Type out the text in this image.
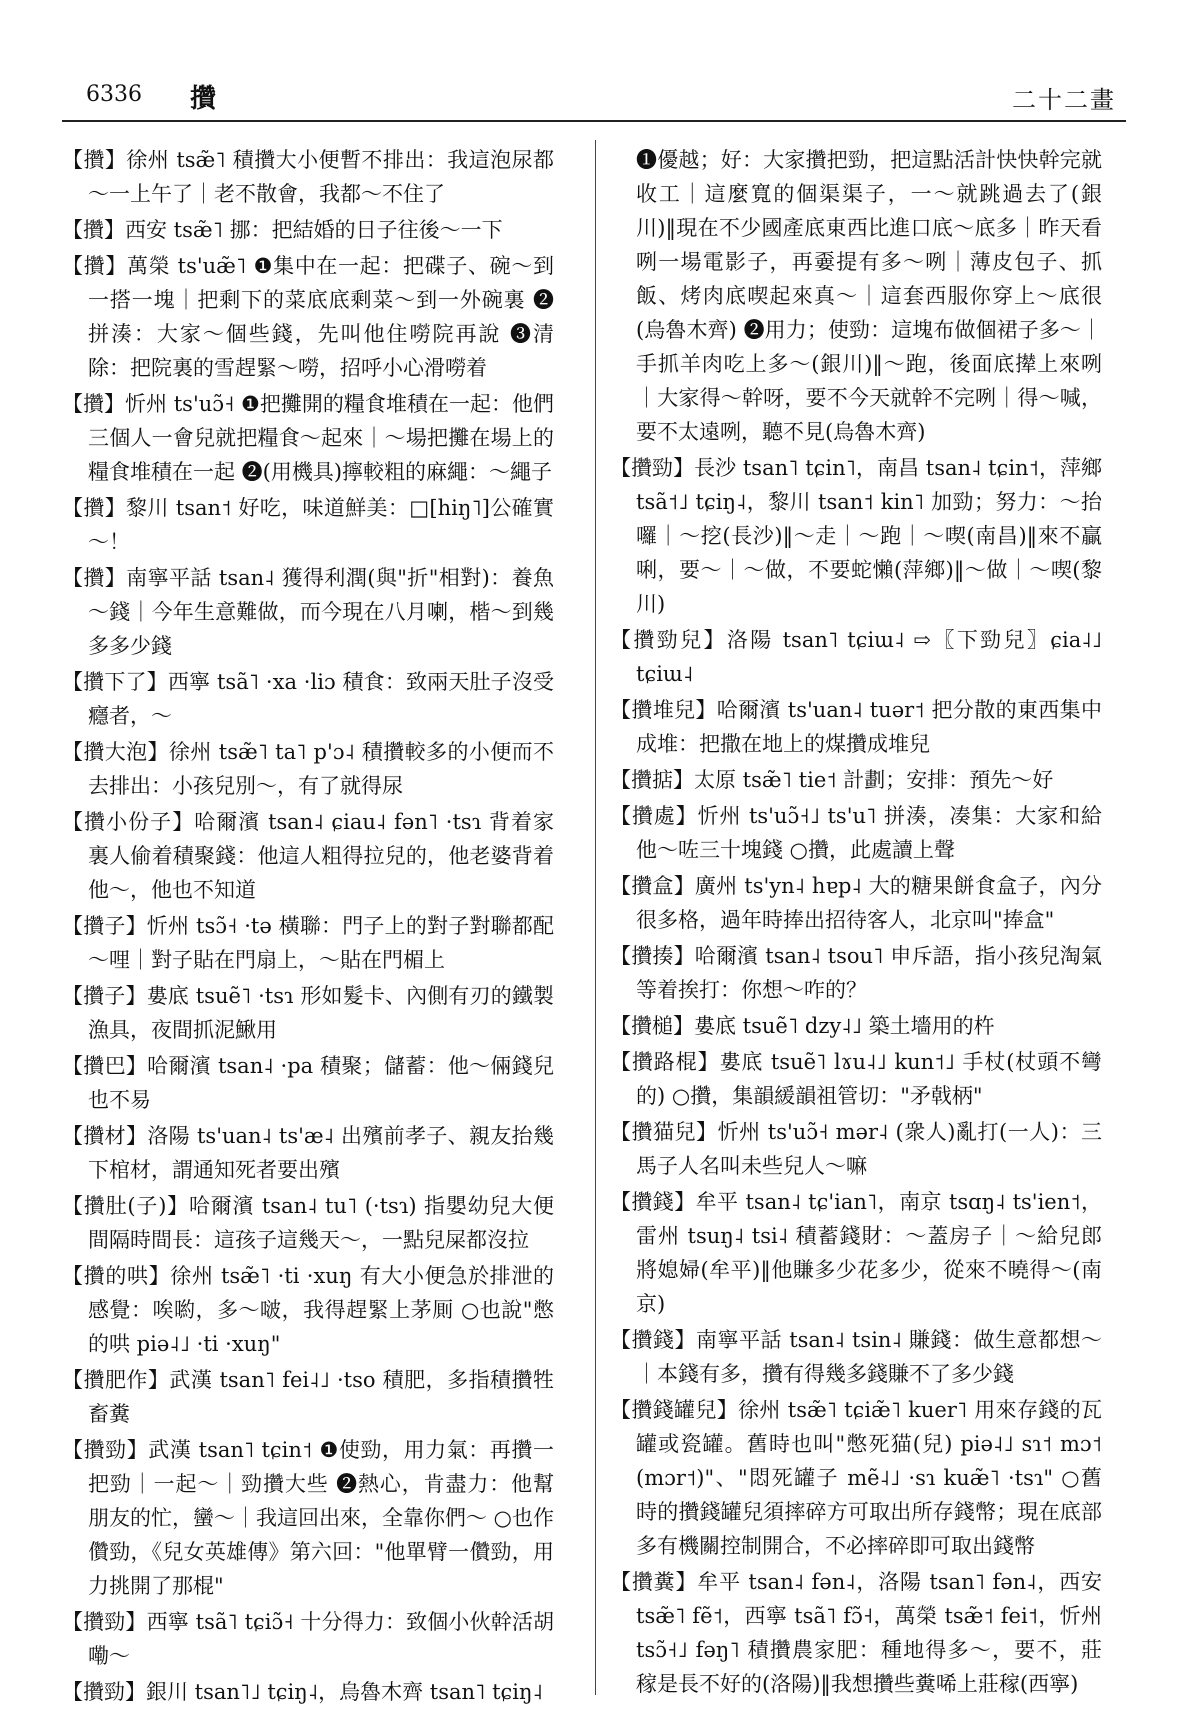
6336 攢	二十二畫

【攢】徐州 tsæ̃˥ 積攢大小便暫不排出：我這泡尿都～一上午了｜老不散會，我都～不住了

【攢】西安 tsæ̃˥ 挪：把結婚的日子往後～一下

【攢】萬榮 ts'uæ̃˥ ❶集中在一起：把碟子、碗～到一搭一塊｜把剩下的菜底底剩菜～到一外碗裏 ❷拼湊：大家～個些錢，先叫他住嘮院再說 ❸清除：把院裏的雪趕緊～嘮，招呼小心滑嘮着

【攢】忻州 ts'uɔ̃˧ ❶把攤開的糧食堆積在一起：他們三個人一會兒就把糧食～起來｜～場把攤在場上的糧食堆積在一起 ❷(用機具)擰較粗的麻繩：～繩子

【攢】黎川 tsan˦ 好吃，味道鮮美：□[hiŋ˥]公確實～！

【攢】南寧平話 tsan˨ 獲得利潤(與"折"相對)：養魚～錢｜今年生意難做，而今現在八月喇，楷～到幾多多少錢

【攢下了】西寧 tsã˥ ·xa ·liɔ 積食：致兩天肚子沒受癮者，～

【攢大泡】徐州 tsæ̃˥ ta˥ p'ɔ˨ 積攢較多的小便而不去排出：小孩兒別～，有了就得尿

【攢小份子】哈爾濱 tsan˨ ɕiau˨ fən˥ ·tsɿ 背着家裏人偷着積聚錢：他這人粗得拉兒的，他老婆背着他～，他也不知道

【攢子】忻州 tsɔ̃˧ ·tə 橫聯：門子上的對子對聯都配～哩｜對子貼在門扇上，～貼在門楣上

【攢子】婁底 tsuẽ˥ ·tsɿ 形如髮卡、內側有刃的鐵製漁具，夜間抓泥鰍用

【攢巴】哈爾濱 tsan˨ ·pa 積聚；儲蓄：他～倆錢兒也不易

【攢材】洛陽 ts'uan˨ ts'æ˨ 出殯前孝子、親友抬幾下棺材，謂通知死者要出殯

【攢肚(子)】哈爾濱 tsan˨ tu˥ (·tsɿ) 指嬰幼兒大便間隔時間長：這孩子這幾天～，一點兒屎都沒拉

【攢的哄】徐州 tsæ̃˥ ·ti ·xuŋ 有大小便急於排泄的感覺：唉喲，多～啵，我得趕緊上茅厠 ○也說"憋的哄 piə˨˩ ·ti ·xuŋ"

【攢肥作】武漢 tsan˥ fei˨˩ ·tso 積肥，多指積攢牲畜糞

【攢勁】武漢 tsan˥ tɕin˦ ❶使勁，用力氣：再攢一把勁｜一起～｜勁攢大些 ❷熱心，肯盡力：他幫朋友的忙，蠻～｜我這回出來，全靠你們～ ○也作儹勁，《兒女英雄傳》第六回："他單臂一儹勁，用力挑開了那棍"

【攢勁】西寧 tsã˥ tɕiɔ̃˧ 十分得力：致個小伙幹活胡嘞～

【攢勁】銀川 tsan˥˩ tɕiŋ˨，烏魯木齊 tsan˥ tɕiŋ˨

❶優越；好：大家攢把勁，把這點活計快快幹完就收工｜這麼寬的個渠渠子，一～就跳過去了(銀川)‖現在不少國產底東西比進口底～底多｜昨天看咧一場電影子，再嫑提有多～咧｜薄皮包子、抓飯、烤肉底喫起來真～｜這套西服你穿上～底很(烏魯木齊) ❷用力；使勁：這塊布做個裙子多～｜手抓羊肉吃上多～(銀川)‖～跑，後面底撵上來咧｜大家得～幹呀，要不今天就幹不完咧｜得～喊，要不太遠咧，聽不見(烏魯木齊)

【攢勁】長沙 tsan˥ tɕin˥，南昌 tsan˨ tɕin˦，萍鄉 tsã˦˩ tɕiŋ˨，黎川 tsan˦ kin˥ 加勁；努力：～抬囉｜～挖(長沙)‖～走｜～跑｜～喫(南昌)‖來不贏唎，要～｜～做，不要蛇懶(萍鄉)‖～做｜～喫(黎川)

【攢勁兒】洛陽 tsan˥ tɕiɯ˨ ⇨〖下勁兒〗ɕia˨˩ tɕiɯ˨

【攢堆兒】哈爾濱 ts'uan˨ tuər˦ 把分散的東西集中成堆：把撒在地上的煤攢成堆兒

【攢掂】太原 tsæ̃˥ tie˦ 計劃；安排：預先～好

【攢處】忻州 ts'uɔ̃˧˩ ts'u˥ 拼湊，凑集：大家和給他～咗三十塊錢 ○攢，此處讀上聲

【攢盒】廣州 ts'yn˨ hɐp˨ 大的糖果餅食盒子，內分很多格，過年時捧出招待客人，北京叫"捧盒"

【攢揍】哈爾濱 tsan˨ tsou˥ 申斥語，指小孩兒淘氣等着挨打：你想～咋的？

【攢槌】婁底 tsuẽ˥ dzy˨˩ 築土墻用的杵

【攢路棍】婁底 tsuẽ˥ lɤu˨˩ kun˦˩ 手杖(杖頭不彎的) ○攢，集韻緩韻祖管切："矛戟柄"

【攢猫兒】忻州 ts'uɔ̃˧ mər˨ (衆人)亂打(一人)：三馬子人名叫未些兒人～嘛

【攢錢】牟平 tsan˨ tɕ'ian˥，南京 tsɑŋ˨ ts'ien˦，雷州 tsuŋ˨ tsi˨ 積蓄錢財：～蓋房子｜～給兒郎將媳婦(牟平)‖他賺多少花多少，從來不曉得～(南京)

【攢錢】南寧平話 tsan˨ tsin˨ 賺錢：做生意都想～｜本錢有多，攢有得幾多錢賺不了多少錢

【攢錢罐兒】徐州 tsæ̃˥ tɕiæ̃˥ kuer˥ 用來存錢的瓦罐或瓷罐。舊時也叫"憋死猫(兒) piə˨˩ sɿ˦ mɔ˦ (mɔr˦)"、"悶死罐子 mẽ˨˩ ·sɿ kuæ̃˥ ·tsɿ" ○舊時的攢錢罐兒須摔碎方可取出所存錢幣；現在底部多有機關控制開合，不必摔碎即可取出錢幣

【攢糞】牟平 tsan˨ fən˨，洛陽 tsan˥ fən˨，西安 tsæ̃˥ fẽ˦，西寧 tsã˥ fɔ̃˧，萬榮 tsæ̃˦ fei˦，忻州 tsɔ̃˧˩ fəŋ˥ 積攢農家肥：種地得多～，要不，莊稼是長不好的(洛陽)‖我想攢些糞唏上莊稼(西寧)
